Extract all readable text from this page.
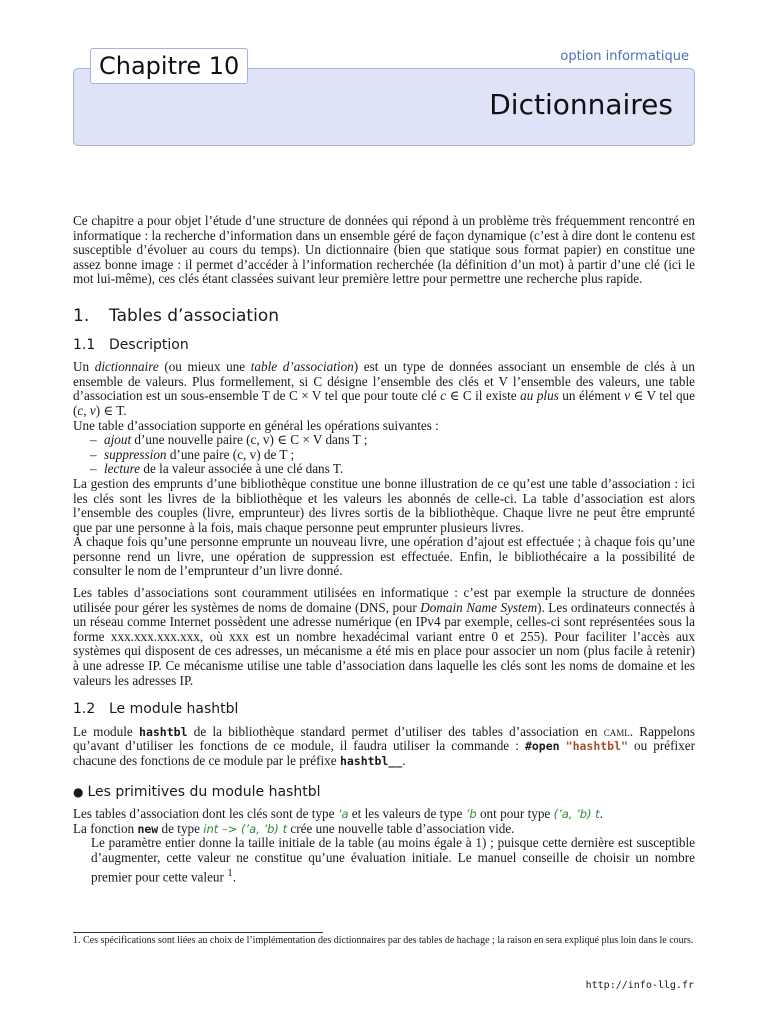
Chapitre 10	option informatique
Dictionnaires

Ce chapitre a pour objet l’étude d’une structure de données qui répond à un problème très fréquemment rencontré en informatique : la recherche d’information dans un ensemble géré de façon dynamique (c’est à dire dont le contenu est susceptible d’évoluer au cours du temps). Un dictionnaire (bien que statique sous format papier) en constitue une assez bonne image : il permet d’accéder à l’information recherchée (la définition d’un mot) à partir d’une clé (ici le mot lui-même), ces clés étant classées suivant leur première lettre pour permettre une recherche plus rapide.

1. Tables d’association
1.1 Description

Un dictionnaire (ou mieux une table d’association) est un type de données associant un ensemble de clés à un ensemble de valeurs. Plus formellement, si C désigne l’ensemble des clés et V l’ensemble des valeurs, une table d’association est un sous-ensemble T de C × V tel que pour toute clé c ∈ C il existe au plus un élément v ∈ V tel que (c, v) ∈ T.

Une table d’association supporte en général les opérations suivantes :

– ajout d’une nouvelle paire (c, v) ∈ C × V dans T ;
– suppression d’une paire (c, v) de T ;
– lecture de la valeur associée à une clé dans T.

La gestion des emprunts d’une bibliothèque constitue une bonne illustration de ce qu’est une table d’association : ici les clés sont les livres de la bibliothèque et les valeurs les abonnés de celle-ci. La table d’association est alors l’ensemble des couples (livre, emprunteur) des livres sortis de la bibliothèque. Chaque livre ne peut être emprunté que par une personne à la fois, mais chaque personne peut emprunter plusieurs livres.

À chaque fois qu’une personne emprunte un nouveau livre, une opération d’ajout est effectuée ; à chaque fois qu’une personne rend un livre, une opération de suppression est effectuée. Enfin, le bibliothécaire a la possibilité de consulter le nom de l’emprunteur d’un livre donné.

Les tables d’associations sont couramment utilisées en informatique : c’est par exemple la structure de données utilisée pour gérer les systèmes de noms de domaine (DNS, pour Domain Name System). Les ordinateurs connectés à un réseau comme Internet possèdent une adresse numérique (en IPv4 par exemple, celles-ci sont représentées sous la forme xxx.xxx.xxx.xxx, où xxx est un nombre hexadécimal variant entre 0 et 255). Pour faciliter l’accès aux systèmes qui disposent de ces adresses, un mécanisme a été mis en place pour associer un nom (plus facile à retenir) à une adresse IP. Ce mécanisme utilise une table d’association dans laquelle les clés sont les noms de domaine et les valeurs les adresses IP.

1.2 Le module hashtbl

Le module hashtbl de la bibliothèque standard permet d’utiliser des tables d’association en caml. Rappelons qu’avant d’utiliser les fonctions de ce module, il faudra utiliser la commande : #open "hashtbl" ou préfixer chacune des fonctions de ce module par le préfixe hashtbl__.

● Les primitives du module hashtbl

Les tables d’association dont les clés sont de type ’a et les valeurs de type ’b ont pour type (’a, ’b) t.

La fonction new de type int –> (’a, ’b) t crée une nouvelle table d’association vide.

Le paramètre entier donne la taille initiale de la table (au moins égale à 1) ; puisque cette dernière est susceptible d’augmenter, cette valeur ne constitue qu’une évaluation initiale. Le manuel conseille de choisir un nombre premier pour cette valeur $^1$.

1. Ces spécifications sont liées au choix de l’implémentation des dictionnaires par des tables de hachage ; la raison en sera expliqué plus loin dans le cours.
http://info-llg.fr
